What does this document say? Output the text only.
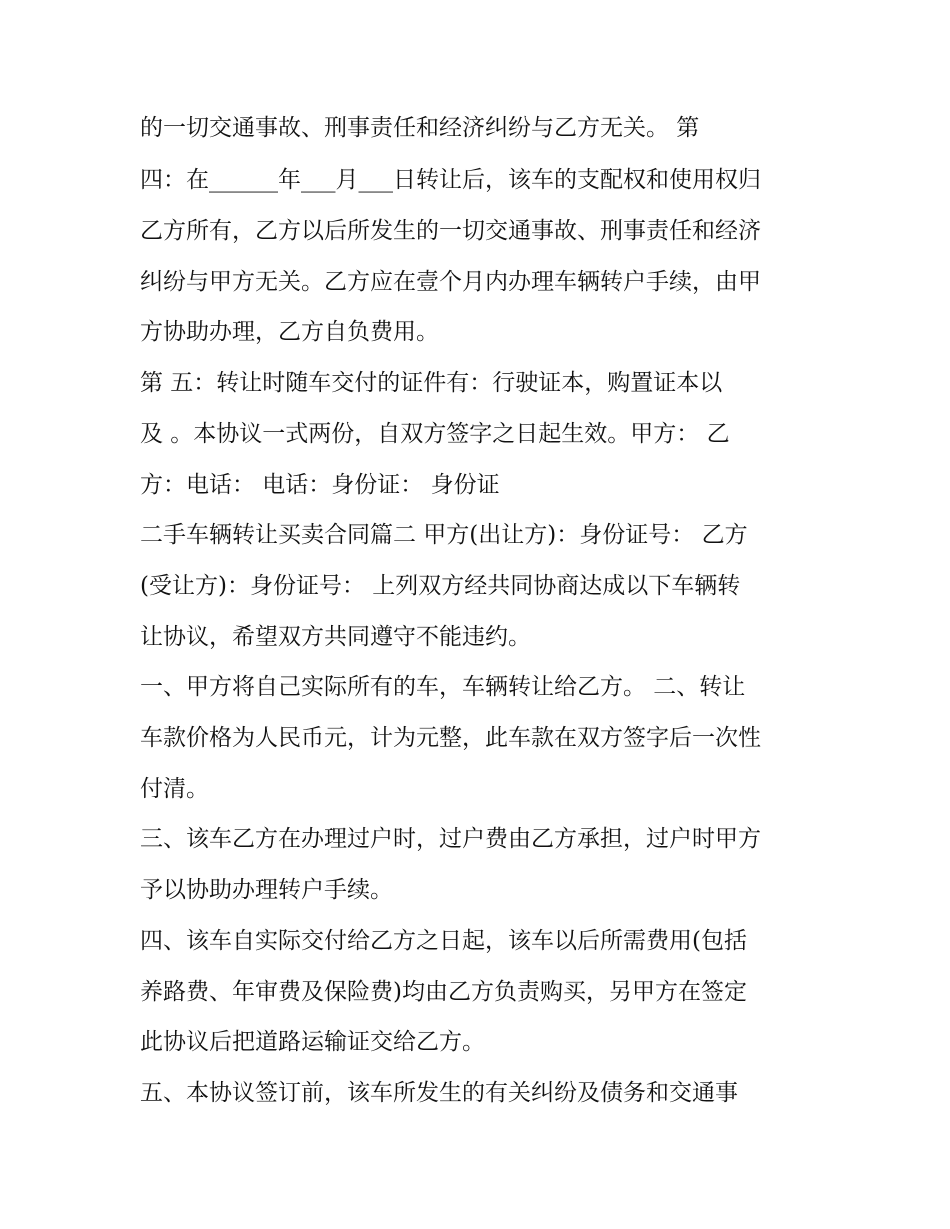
的一切交通事故、刑事责任和经济纠纷与乙方无关。 第
四：在______年___月___日转让后，该车的支配权和使用权归
乙方所有，乙方以后所发生的一切交通事故、刑事责任和经济
纠纷与甲方无关。乙方应在壹个月内办理车辆转户手续，由甲
方协助办理，乙方自负费用。
第 五：转让时随车交付的证件有：行驶证本，购置证本以
及 。本协议一式两份，自双方签字之日起生效。甲方： 乙
方：电话： 电话：身份证： 身份证
二手车辆转让买卖合同篇二 甲方(出让方)：身份证号： 乙方
(受让方)：身份证号： 上列双方经共同协商达成以下车辆转
让协议，希望双方共同遵守不能违约。
一、甲方将自己实际所有的车，车辆转让给乙方。 二、转让
车款价格为人民币元，计为元整，此车款在双方签字后一次性
付清。
三、该车乙方在办理过户时，过户费由乙方承担，过户时甲方
予以协助办理转户手续。
四、该车自实际交付给乙方之日起，该车以后所需费用(包括
养路费、年审费及保险费)均由乙方负责购买，另甲方在签定
此协议后把道路运输证交给乙方。
五、本协议签订前，该车所发生的有关纠纷及债务和交通事
